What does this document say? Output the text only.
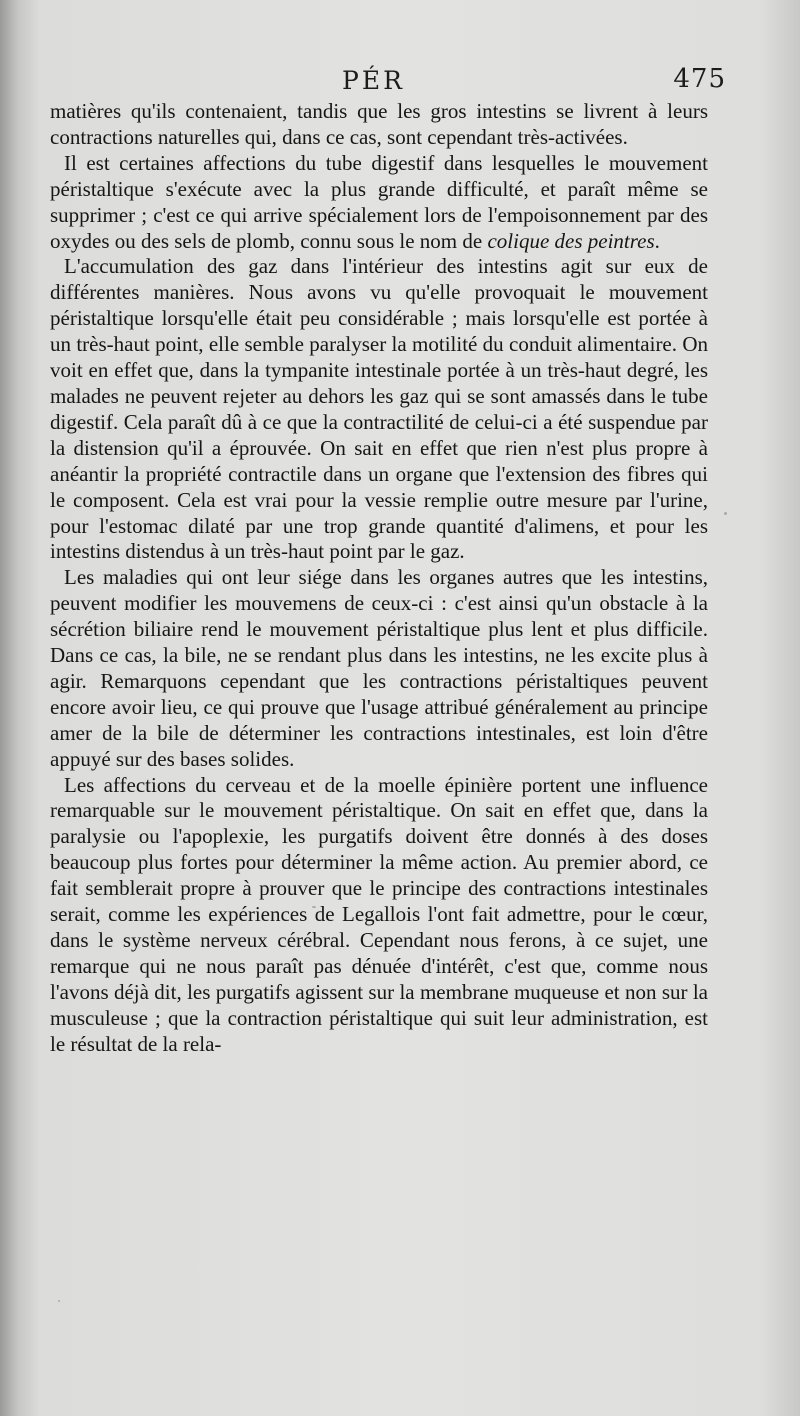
PÉR	475

matières qu'ils contenaient, tandis que les gros intestins se livrent à leurs contractions naturelles qui, dans ce cas, sont cependant très-activées.

Il est certaines affections du tube digestif dans lesquelles le mouvement péristaltique s'exécute avec la plus grande difficulté, et paraît même se supprimer ; c'est ce qui arrive spécialement lors de l'empoisonnement par des oxydes ou des sels de plomb, connu sous le nom de colique des peintres.

L'accumulation des gaz dans l'intérieur des intestins agit sur eux de différentes manières. Nous avons vu qu'elle provoquait le mouvement péristaltique lorsqu'elle était peu considérable ; mais lorsqu'elle est portée à un très-haut point, elle semble paralyser la motilité du conduit alimentaire. On voit en effet que, dans la tympanite intestinale portée à un très-haut degré, les malades ne peuvent rejeter au dehors les gaz qui se sont amassés dans le tube digestif. Cela paraît dû à ce que la contractilité de celui-ci a été suspendue par la distension qu'il a éprouvée. On sait en effet que rien n'est plus propre à anéantir la propriété contractile dans un organe que l'extension des fibres qui le composent. Cela est vrai pour la vessie remplie outre mesure par l'urine, pour l'estomac dilaté par une trop grande quantité d'alimens, et pour les intestins distendus à un très-haut point par le gaz.

Les maladies qui ont leur siége dans les organes autres que les intestins, peuvent modifier les mouvemens de ceux-ci : c'est ainsi qu'un obstacle à la sécrétion biliaire rend le mouvement péristaltique plus lent et plus difficile. Dans ce cas, la bile, ne se rendant plus dans les intestins, ne les excite plus à agir. Remarquons cependant que les contractions péristaltiques peuvent encore avoir lieu, ce qui prouve que l'usage attribué généralement au principe amer de la bile de déterminer les contractions intestinales, est loin d'être appuyé sur des bases solides.

Les affections du cerveau et de la moelle épinière portent une influence remarquable sur le mouvement péristaltique. On sait en effet que, dans la paralysie ou l'apoplexie, les purgatifs doivent être donnés à des doses beaucoup plus fortes pour déterminer la même action. Au premier abord, ce fait semblerait propre à prouver que le principe des contractions intestinales serait, comme les expériences de Legallois l'ont fait admettre, pour le cœur, dans le système nerveux cérébral. Cependant nous ferons, à ce sujet, une remarque qui ne nous paraît pas dénuée d'intérêt, c'est que, comme nous l'avons déjà dit, les purgatifs agissent sur la membrane muqueuse et non sur la musculeuse ; que la contraction péristaltique qui suit leur administration, est le résultat de la rela-
